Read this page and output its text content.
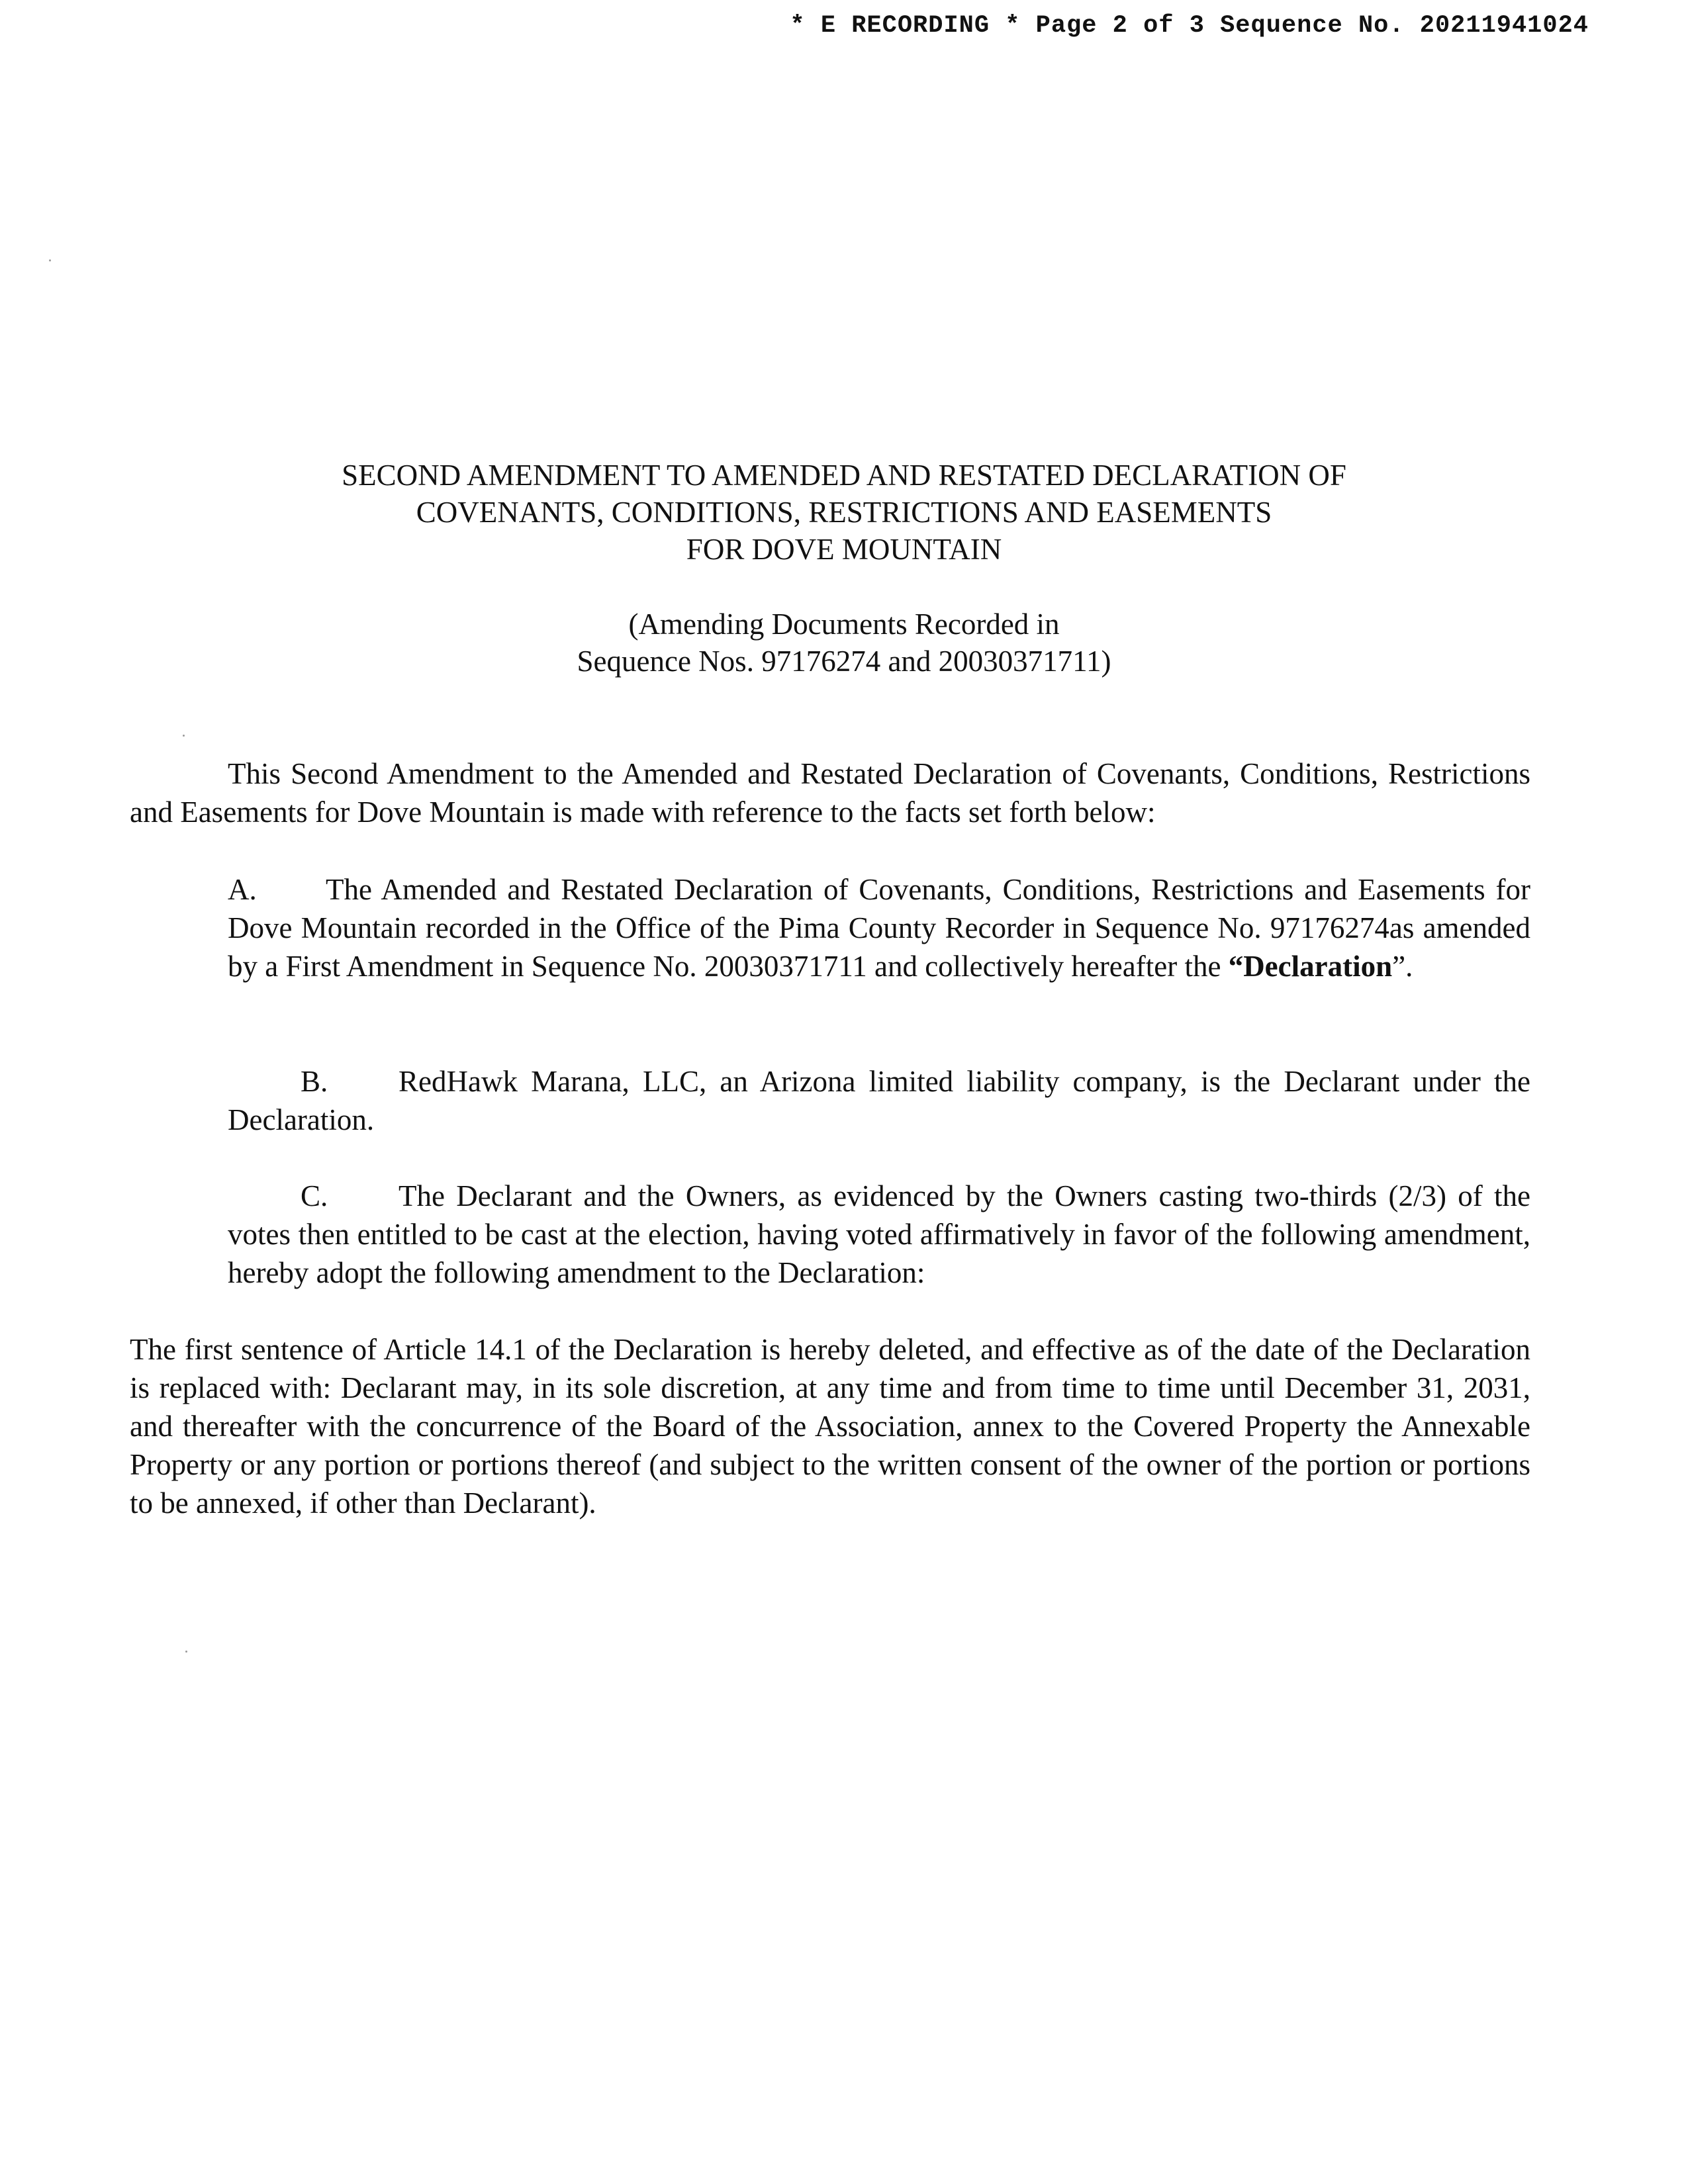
* E RECORDING * Page 2 of 3 Sequence No. 20211941024
SECOND AMENDMENT TO AMENDED AND RESTATED DECLARATION OF
COVENANTS, CONDITIONS, RESTRICTIONS AND EASEMENTS
FOR DOVE MOUNTAIN
(Amending Documents Recorded in
Sequence Nos. 97176274 and 20030371711)
This Second Amendment to the Amended and Restated Declaration of Covenants, Conditions, Restrictions and Easements for Dove Mountain is made with reference to the facts set forth below:
A. The Amended and Restated Declaration of Covenants, Conditions, Restrictions and Easements for Dove Mountain recorded in the Office of the Pima County Recorder in Sequence No. 97176274as amended by a First Amendment in Sequence No. 20030371711 and collectively hereafter the “Declaration”.
B. RedHawk Marana, LLC, an Arizona limited liability company, is the Declarant under the Declaration.
C. The Declarant and the Owners, as evidenced by the Owners casting two-thirds (2/3) of the votes then entitled to be cast at the election, having voted affirmatively in favor of the following amendment, hereby adopt the following amendment to the Declaration:
The first sentence of Article 14.1 of the Declaration is hereby deleted, and effective as of the date of the Declaration is replaced with: Declarant may, in its sole discretion, at any time and from time to time until December 31, 2031, and thereafter with the concurrence of the Board of the Association, annex to the Covered Property the Annexable Property or any portion or portions thereof (and subject to the written consent of the owner of the portion or portions to be annexed, if other than Declarant).
